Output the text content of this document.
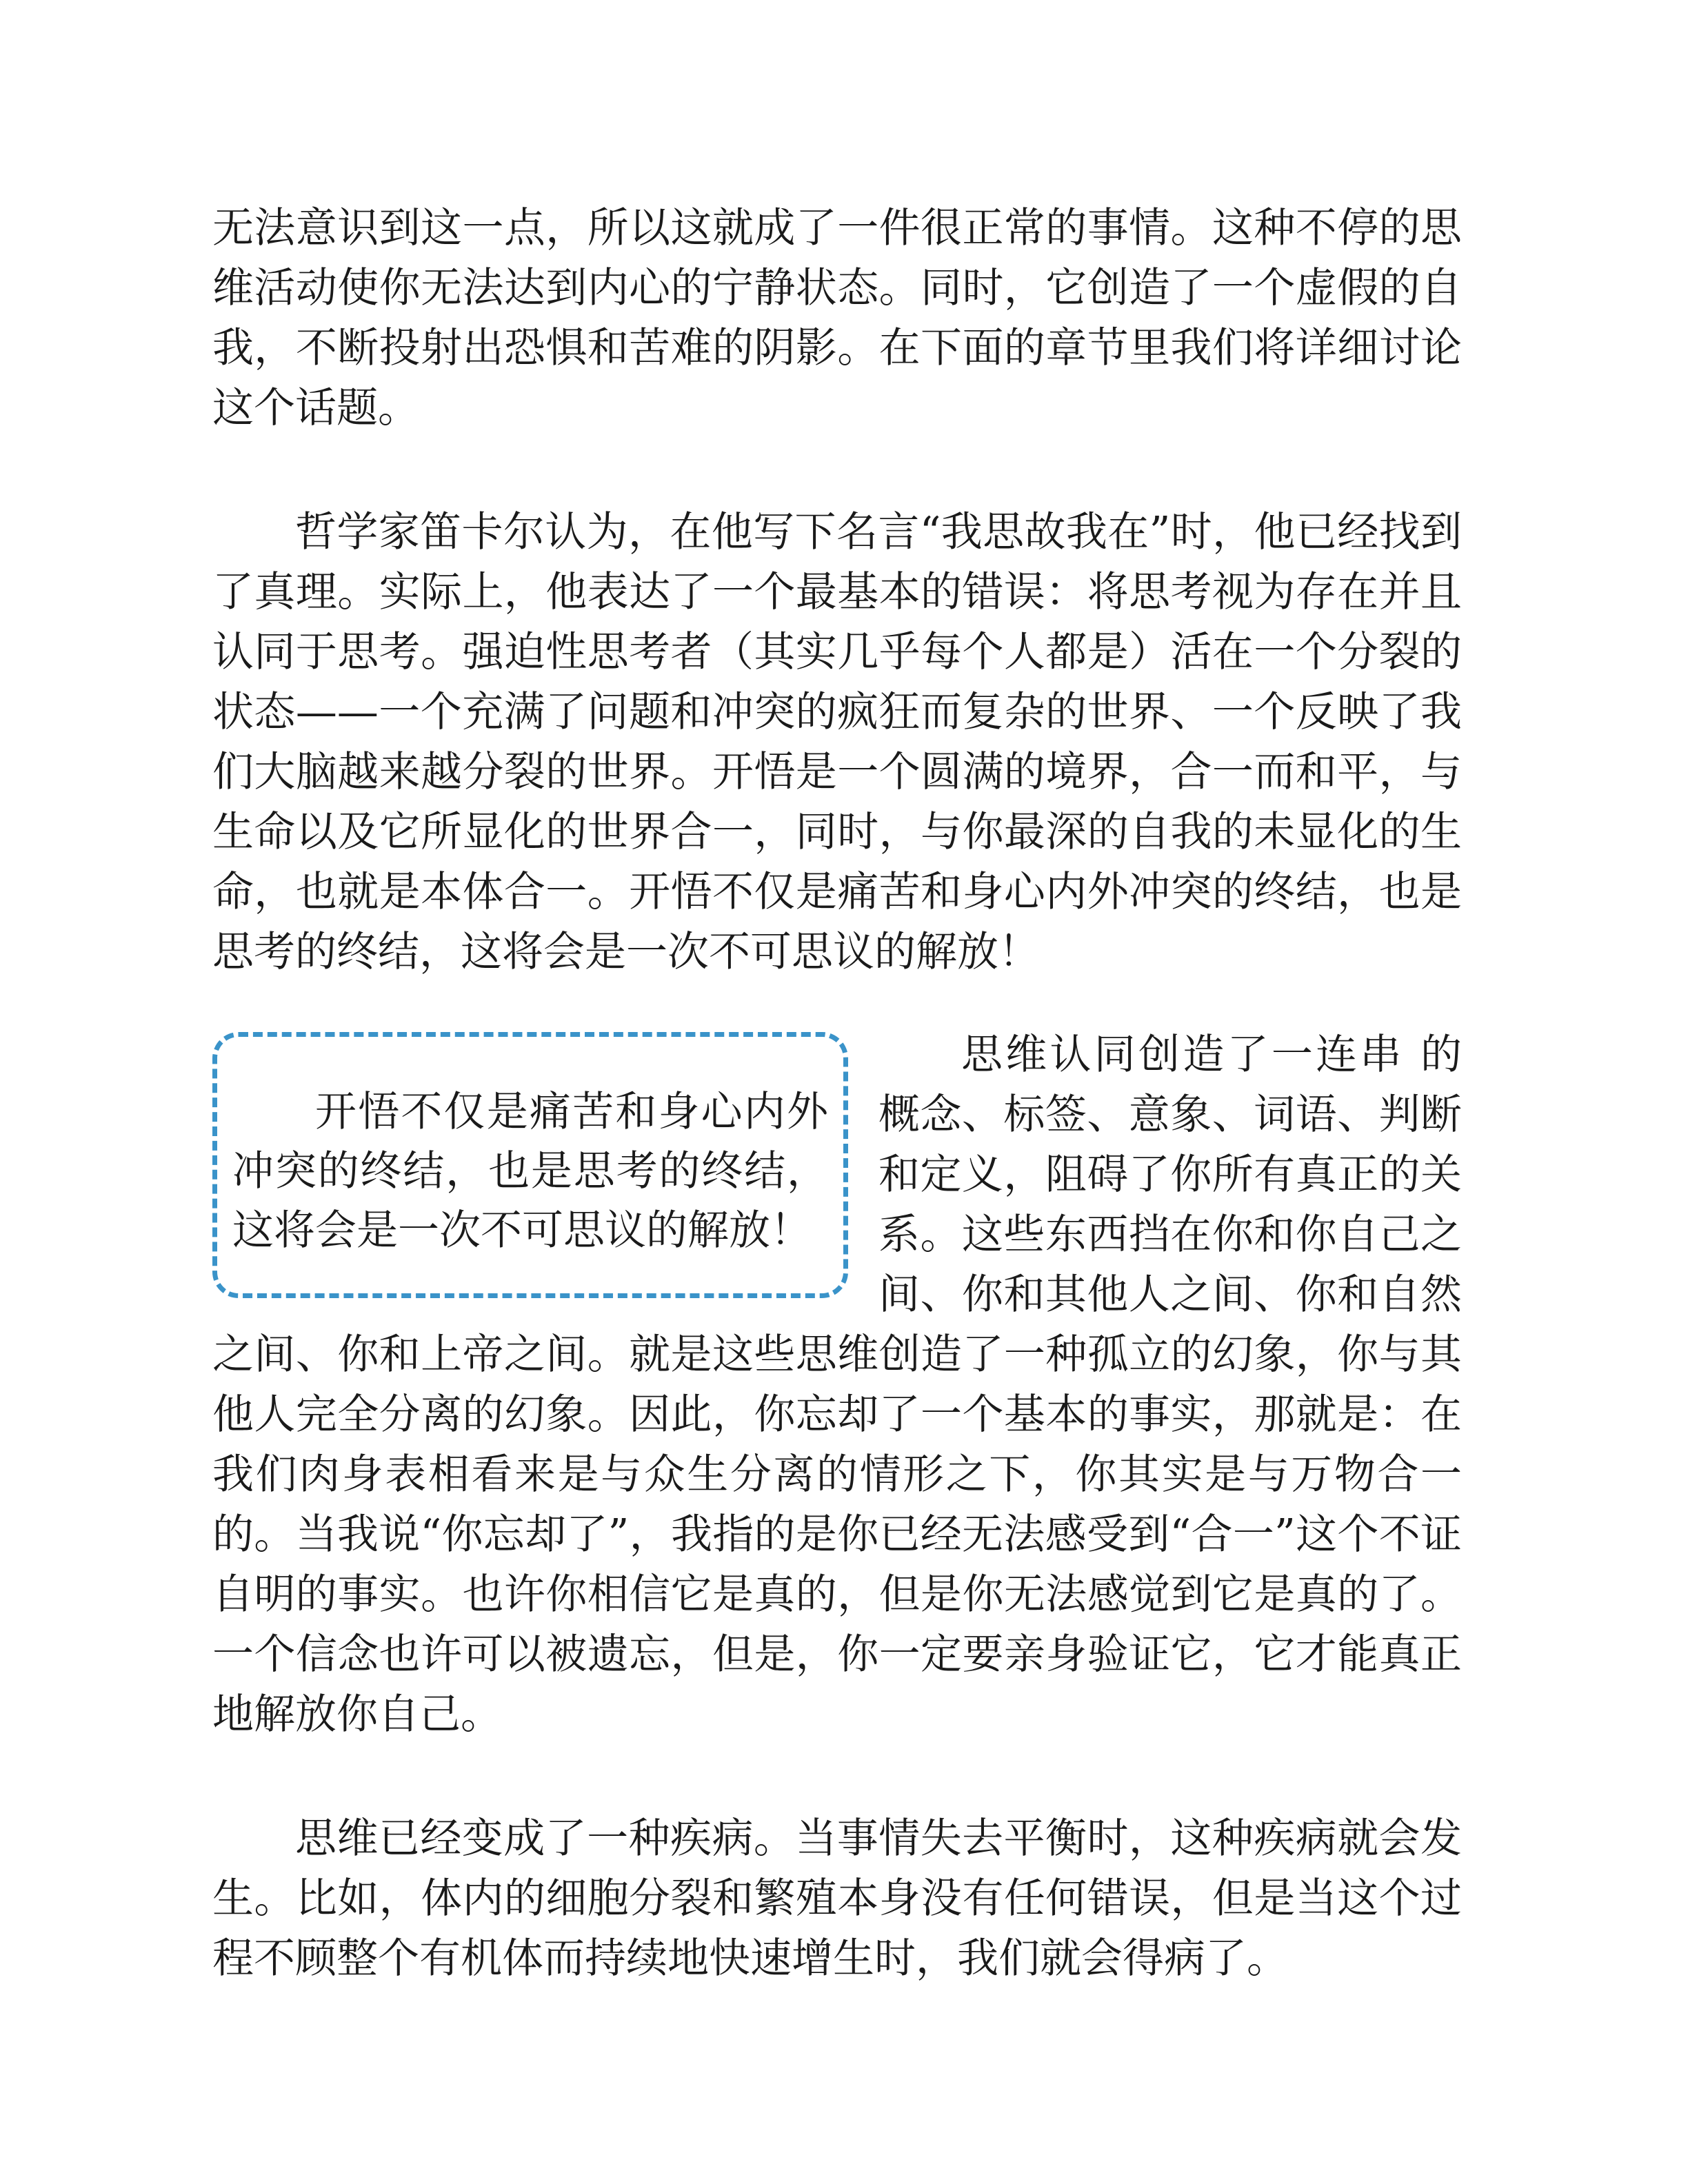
无法意识到这一点，所以这就成了一件很正常的事情。这种不停的思维活动使你无法达到内心的宁静状态。同时，它创造了一个虚假的自我，不断投射出恐惧和苦难的阴影。在下面的章节里我们将详细讨论这个话题。

哲学家笛卡尔认为，在他写下名言“我思故我在”时，他已经找到了真理。实际上，他表达了一个最基本的错误：将思考视为存在并且认同于思考。强迫性思考者（其实几乎每个人都是）活在一个分裂的状态——一个充满了问题和冲突的疯狂而复杂的世界、一个反映了我们大脑越来越分裂的世界。开悟是一个圆满的境界，合一而和平，与生命以及它所显化的世界合一，同时，与你最深的自我的未显化的生命，也就是本体合一。开悟不仅是痛苦和身心内外冲突的终结，也是思考的终结，这将会是一次不可思议的解放！

开悟不仅是痛苦和身心内外冲突的终结，也是思考的终结，这将会是一次不可思议的解放！

思维认同创造了一连串 的概念、标签、意象、词语、判断和定义，阻碍了你所有真正的关系。这些东西挡在你和你自己之间、你和其他人之间、你和自然之间、你和上帝之间。就是这些思维创造了一种孤立的幻象，你与其他人完全分离的幻象。因此，你忘却了一个基本的事实，那就是：在我们肉身表相看来是与众生分离的情形之下，你其实是与万物合一的。当我说“你忘却了”，我指的是你已经无法感受到“合一”这个不证自明的事实。也许你相信它是真的，但是你无法感觉到它是真的了。一个信念也许可以被遗忘，但是，你一定要亲身验证它，它才能真正地解放你自己。

思维已经变成了一种疾病。当事情失去平衡时，这种疾病就会发生。比如，体内的细胞分裂和繁殖本身没有任何错误，但是当这个过程不顾整个有机体而持续地快速增生时，我们就会得病了。
